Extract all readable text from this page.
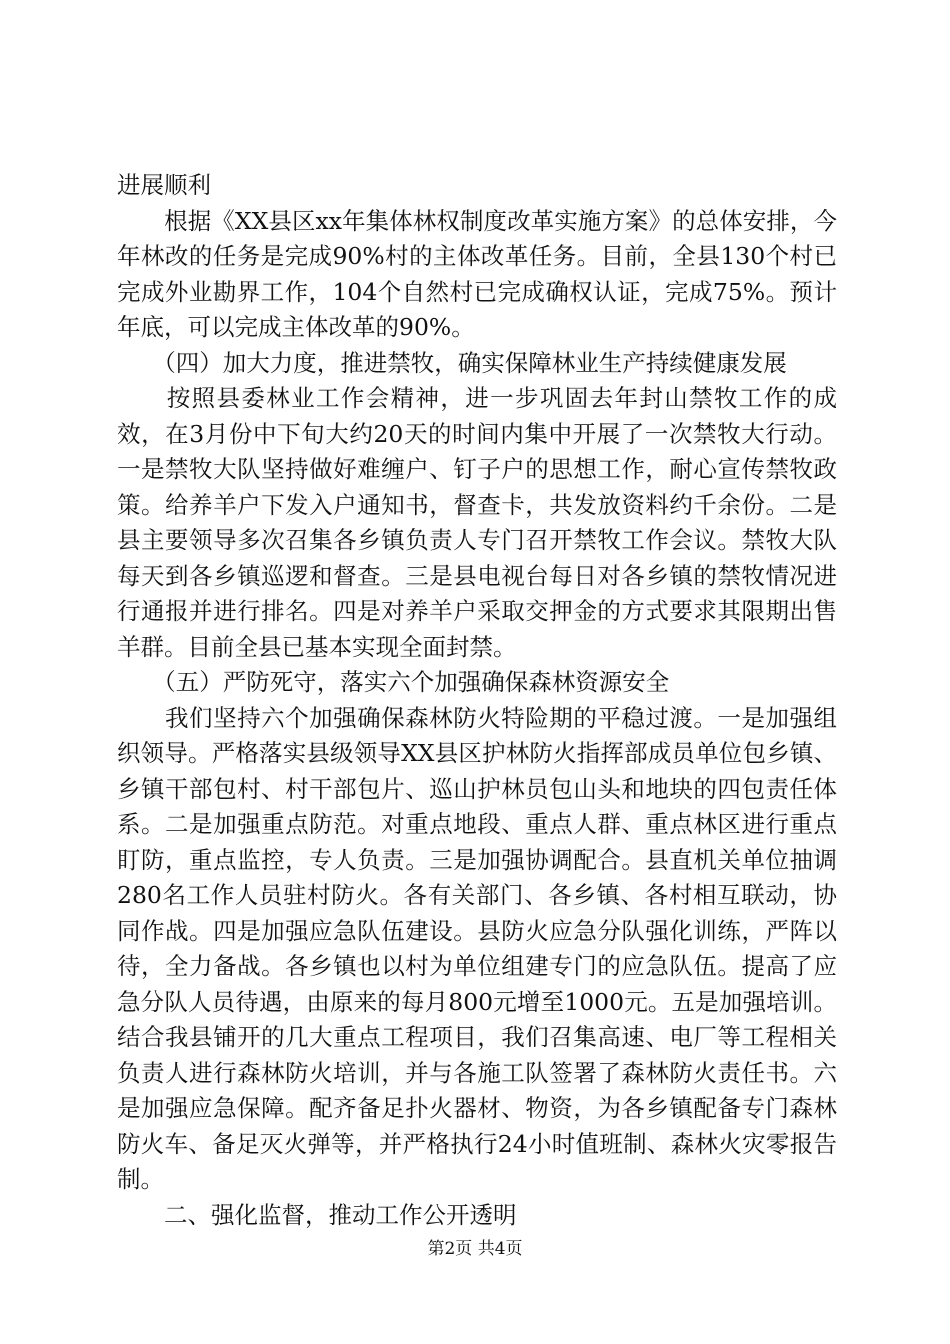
进展顺利

　　根据《XX县区xx年集体林权制度改革实施方案》的总体安排，今年林改的任务是完成90%村的主体改革任务。目前，全县130个村已完成外业勘界工作，104个自然村已完成确权认证，完成75%。预计年底，可以完成主体改革的90%。

　　（四）加大力度，推进禁牧，确实保障林业生产持续健康发展

　　按照县委林业工作会精神，进一步巩固去年封山禁牧工作的成效，在3月份中下旬大约20天的时间内集中开展了一次禁牧大行动。一是禁牧大队坚持做好难缠户、钉子户的思想工作，耐心宣传禁牧政策。给养羊户下发入户通知书，督查卡，共发放资料约千余份。二是县主要领导多次召集各乡镇负责人专门召开禁牧工作会议。禁牧大队每天到各乡镇巡逻和督查。三是县电视台每日对各乡镇的禁牧情况进行通报并进行排名。四是对养羊户采取交押金的方式要求其限期出售羊群。目前全县已基本实现全面封禁。

　　（五）严防死守，落实六个加强确保森林资源安全

　　我们坚持六个加强确保森林防火特险期的平稳过渡。一是加强组织领导。严格落实县级领导XX县区护林防火指挥部成员单位包乡镇、乡镇干部包村、村干部包片、巡山护林员包山头和地块的四包责任体系。二是加强重点防范。对重点地段、重点人群、重点林区进行重点盯防，重点监控，专人负责。三是加强协调配合。县直机关单位抽调280名工作人员驻村防火。各有关部门、各乡镇、各村相互联动，协同作战。四是加强应急队伍建设。县防火应急分队强化训练，严阵以待，全力备战。各乡镇也以村为单位组建专门的应急队伍。提高了应急分队人员待遇，由原来的每月800元增至1000元。五是加强培训。结合我县铺开的几大重点工程项目，我们召集高速、电厂等工程相关负责人进行森林防火培训，并与各施工队签署了森林防火责任书。六是加强应急保障。配齐备足扑火器材、物资，为各乡镇配备专门森林防火车、备足灭火弹等，并严格执行24小时值班制、森林火灾零报告制。

　　二、强化监督，推动工作公开透明

第2页 共4页
